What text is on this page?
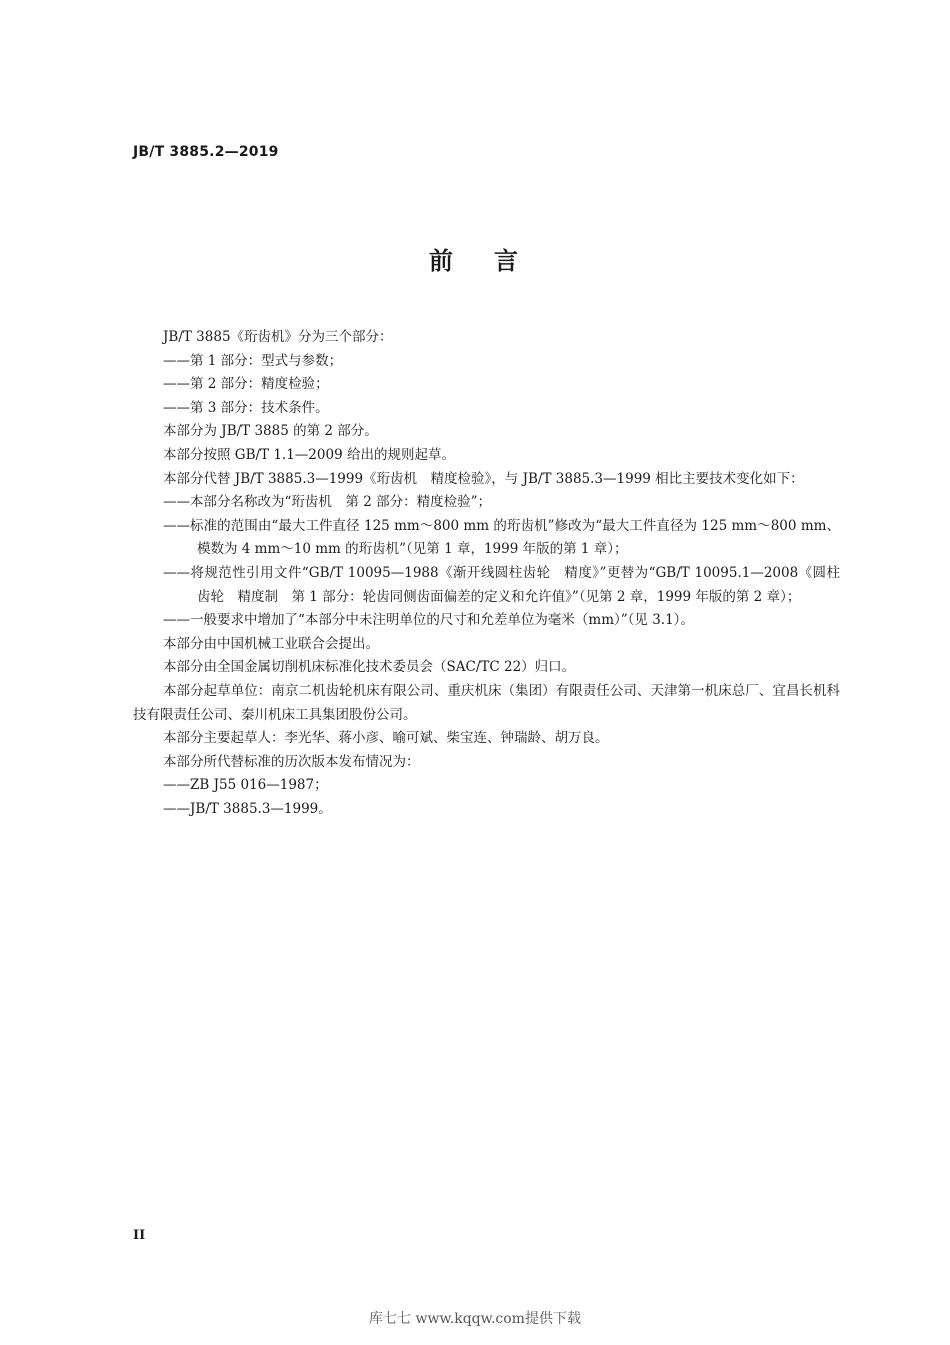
JB/T 3885.2—2019
前 言

JB/T 3885《珩齿机》分为三个部分：

——第 1 部分：型式与参数；
——第 2 部分：精度检验；
——第 3 部分：技术条件。

本部分为 JB/T 3885 的第 2 部分。

本部分按照 GB/T 1.1—2009 给出的规则起草。

本部分代替 JB/T 3885.3—1999《珩齿机　精度检验》，与 JB/T 3885.3—1999 相比主要技术变化如下：

——本部分名称改为“珩齿机　第 2 部分：精度检验”；
——标准的范围由“最大工件直径 125 mm～800 mm 的珩齿机”修改为“最大工件直径为 125 mm～800 mm、模数为 4 mm～10 mm 的珩齿机”（见第 1 章，1999 年版的第 1 章）；
——将规范性引用文件“GB/T 10095—1988《渐开线圆柱齿轮　精度》”更替为“GB/T 10095.1—2008《圆柱齿轮　精度制　第 1 部分：轮齿同侧齿面偏差的定义和允许值》”（见第 2 章，1999 年版的第 2 章）；
——一般要求中增加了“本部分中未注明单位的尺寸和允差单位为毫米（mm）”（见 3.1）。

本部分由中国机械工业联合会提出。

本部分由全国金属切削机床标准化技术委员会（SAC/TC 22）归口。

本部分起草单位：南京二机齿轮机床有限公司、重庆机床（集团）有限责任公司、天津第一机床总厂、宜昌长机科技有限责任公司、秦川机床工具集团股份公司。

本部分主要起草人：李光华、蒋小彦、喻可斌、柴宝连、钟瑞龄、胡万良。

本部分所代替标准的历次版本发布情况为：

——ZB J55 016—1987；
——JB/T 3885.3—1999。
II
库七七 www.kqqw.com提供下载
